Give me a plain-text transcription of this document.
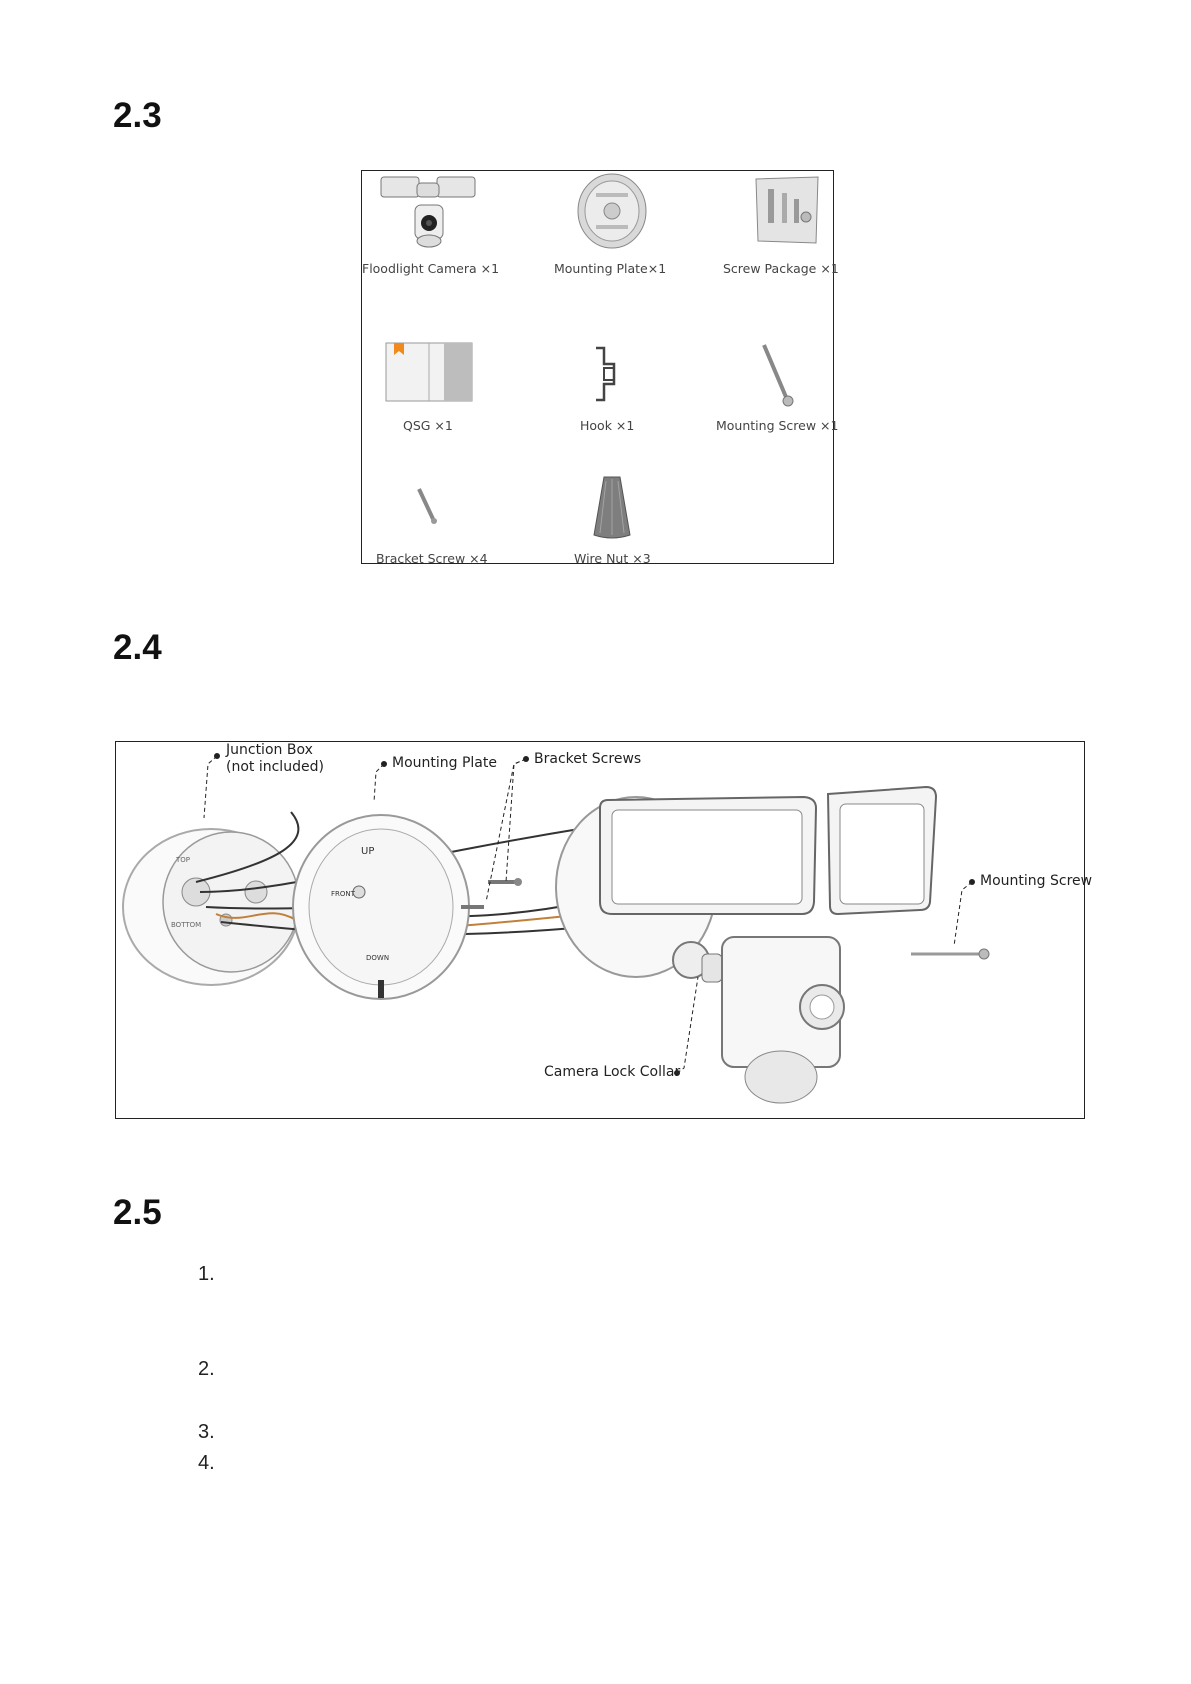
2.3
Floodlight Camera ×1	Mounting Plate×1	Screw Package ×1
QSG ×1	Hook ×1	Mounting Screw ×1
Bracket Screw ×4	Wire Nut ×3
2.4
TOP
BOTTOM
UP
FRONT
DOWN
Junction Box
(not included)	Mounting Plate	Bracket Screws
Mounting Screw
Camera Lock Collar
2.5
1.
2.
3.
4.
